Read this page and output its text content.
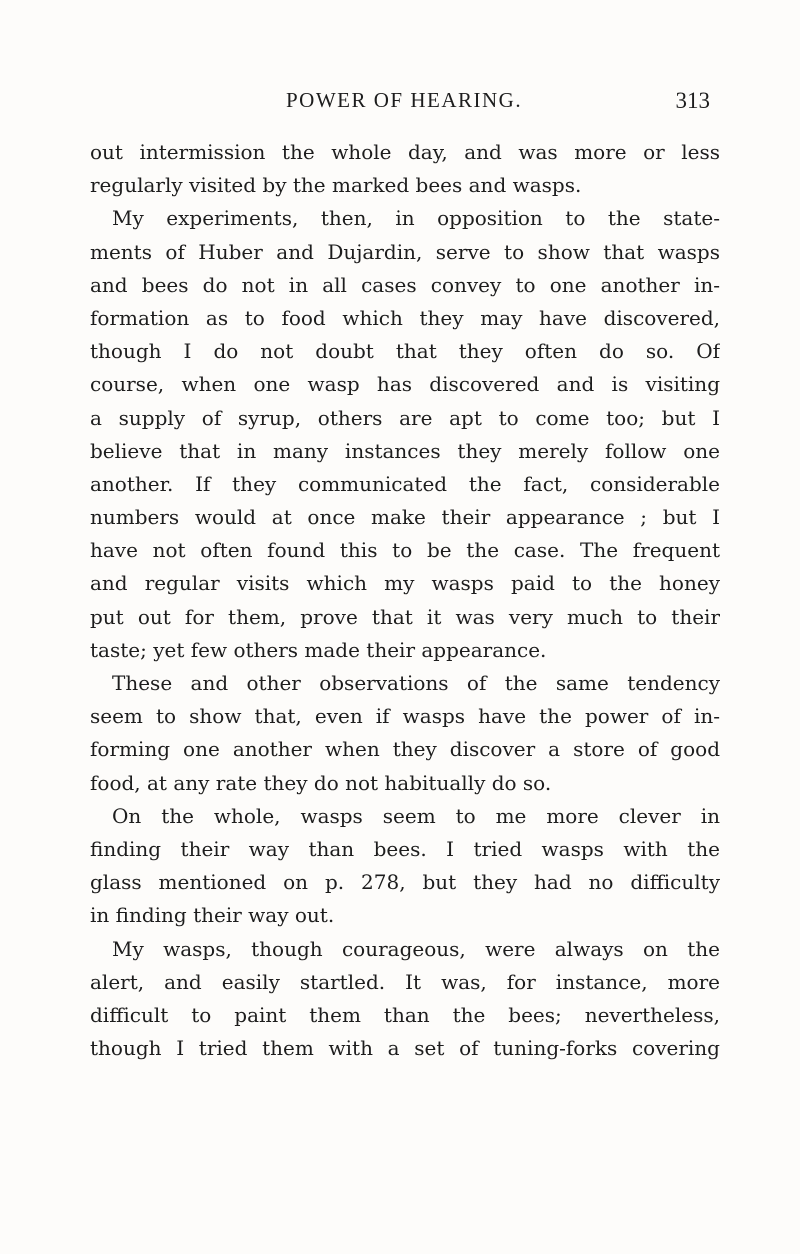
POWER OF HEARING.	313
out intermission the whole day, and was more or less
regularly visited by the marked bees and wasps.
My experiments, then, in opposition to the state-
ments of Huber and Dujardin, serve to show that wasps
and bees do not in all cases convey to one another in-
formation as to food which they may have discovered,
though I do not doubt that they often do so. Of
course, when one wasp has discovered and is visiting
a supply of syrup, others are apt to come too; but I
believe that in many instances they merely follow one
another. If they communicated the fact, considerable
numbers would at once make their appearance ; but I
have not often found this to be the case. The frequent
and regular visits which my wasps paid to the honey
put out for them, prove that it was very much to their
taste; yet few others made their appearance.
These and other observations of the same tendency
seem to show that, even if wasps have the power of in-
forming one another when they discover a store of good
food, at any rate they do not habitually do so.
On the whole, wasps seem to me more clever in
finding their way than bees. I tried wasps with the
glass mentioned on p. 278, but they had no difficulty
in finding their way out.
My wasps, though courageous, were always on the
alert, and easily startled. It was, for instance, more
difficult to paint them than the bees; nevertheless,
though I tried them with a set of tuning-forks covering
